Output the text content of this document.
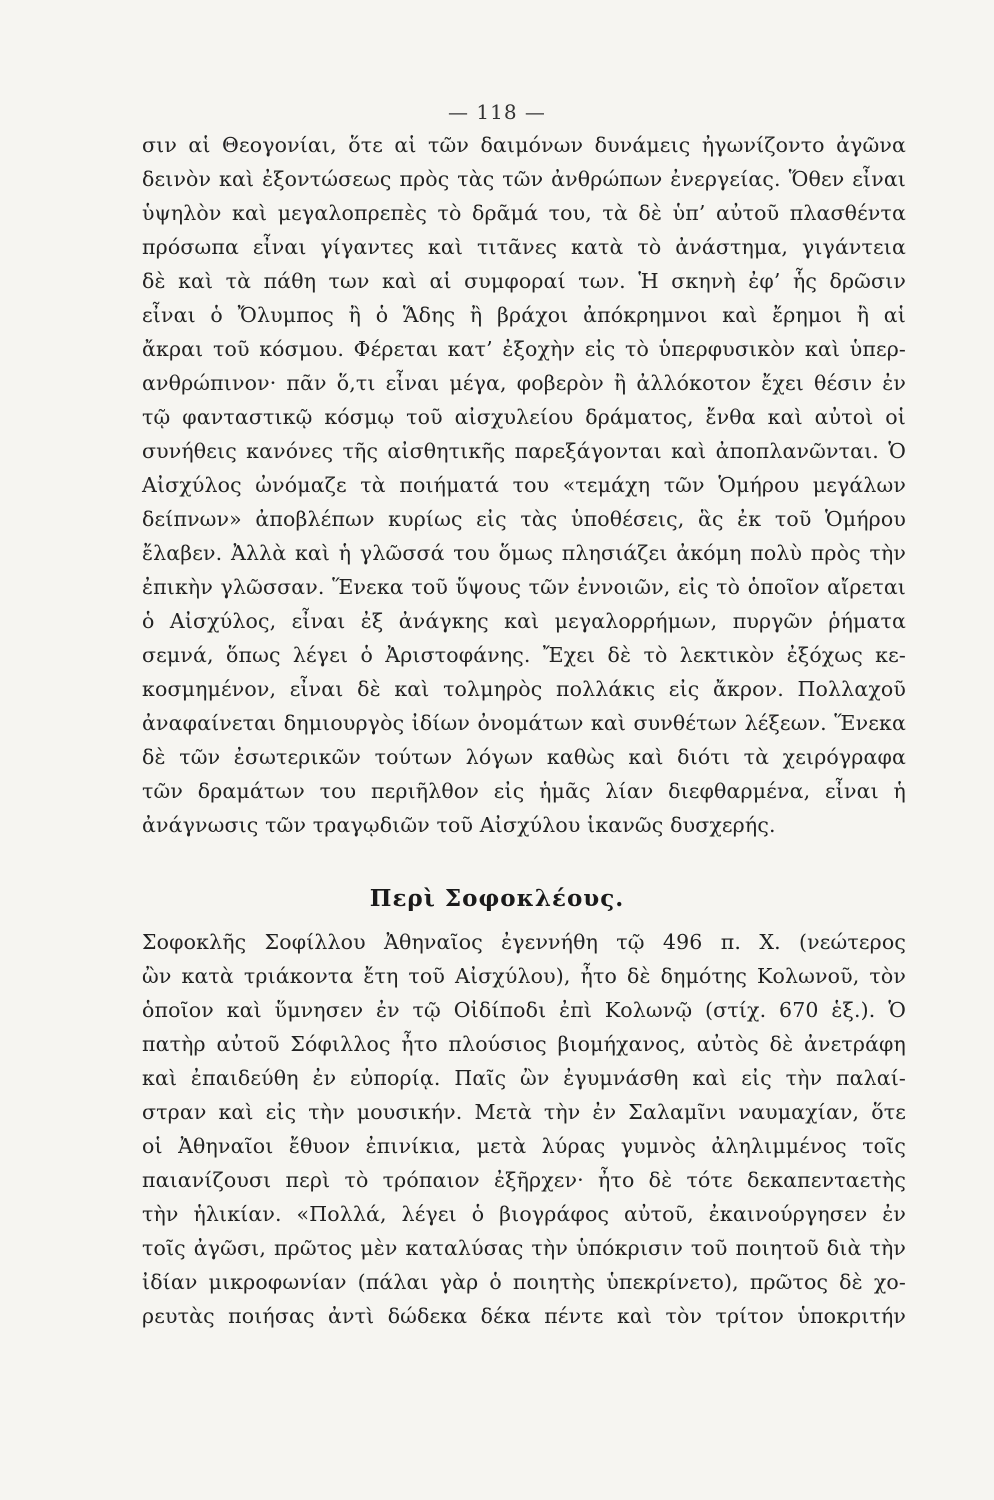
— 118 —
σιν αἱ Θεογονίαι, ὅτε αἱ τῶν δαιμόνων δυνάμεις ἠγωνίζοντο ἀγῶνα
δεινὸν καὶ ἐξοντώσεως πρὸς τὰς τῶν ἀνθρώπων ἐνεργείας. Ὅθεν εἶναι
ὑψηλὸν καὶ μεγαλοπρεπὲς τὸ δρᾶμά του, τὰ δὲ ὑπ’ αὐτοῦ πλασθέντα
πρόσωπα εἶναι γίγαντες καὶ τιτᾶνες κατὰ τὸ ἀνάστημα, γιγάντεια
δὲ καὶ τὰ πάθη των καὶ αἱ συμφοραί των. Ἡ σκηνὴ ἐφ’ ἧς δρῶσιν
εἶναι ὁ Ὄλυμπος ἢ ὁ Ἅδης ἢ βράχοι ἀπόκρημνοι καὶ ἔρημοι ἢ αἱ
ἄκραι τοῦ κόσμου. Φέρεται κατ’ ἐξοχὴν εἰς τὸ ὑπερφυσικὸν καὶ ὑπερ-
ανθρώπινον· πᾶν ὅ,τι εἶναι μέγα, φοβερὸν ἢ ἀλλόκοτον ἔχει θέσιν ἐν
τῷ φανταστικῷ κόσμῳ τοῦ αἰσχυλείου δράματος, ἔνθα καὶ αὐτοὶ οἱ
συνήθεις κανόνες τῆς αἰσθητικῆς παρεξάγονται καὶ ἀποπλανῶνται. Ὁ
Αἰσχύλος ὠνόμαζε τὰ ποιήματά του «τεμάχη τῶν Ὁμήρου μεγάλων
δείπνων» ἀποβλέπων κυρίως εἰς τὰς ὑποθέσεις, ἃς ἐκ τοῦ Ὁμήρου
ἔλαβεν. Ἀλλὰ καὶ ἡ γλῶσσά του ὅμως πλησιάζει ἀκόμη πολὺ πρὸς τὴν
ἐπικὴν γλῶσσαν. Ἕνεκα τοῦ ὕψους τῶν ἐννοιῶν, εἰς τὸ ὁποῖον αἴρεται
ὁ Αἰσχύλος, εἶναι ἐξ ἀνάγκης καὶ μεγαλορρήμων, πυργῶν ῥήματα
σεμνά, ὅπως λέγει ὁ Ἀριστοφάνης. Ἔχει δὲ τὸ λεκτικὸν ἐξόχως κε-
κοσμημένον, εἶναι δὲ καὶ τολμηρὸς πολλάκις εἰς ἄκρον. Πολλαχοῦ
ἀναφαίνεται δημιουργὸς ἰδίων ὀνομάτων καὶ συνθέτων λέξεων. Ἕνεκα
δὲ τῶν ἐσωτερικῶν τούτων λόγων καθὼς καὶ διότι τὰ χειρόγραφα
τῶν δραμάτων του περιῆλθον εἰς ἡμᾶς λίαν διεφθαρμένα, εἶναι ἡ
ἀνάγνωσις τῶν τραγῳδιῶν τοῦ Αἰσχύλου ἱκανῶς δυσχερής.
Περὶ Σοφοκλέους.
Σοφοκλῆς Σοφίλλου Ἀθηναῖος ἐγεννήθη τῷ 496 π. Χ. (νεώτερος
ὢν κατὰ τριάκοντα ἔτη τοῦ Αἰσχύλου), ἦτο δὲ δημότης Κολωνοῦ, τὸν
ὁποῖον καὶ ὕμνησεν ἐν τῷ Οἰδίποδι ἐπὶ Κολωνῷ (στίχ. 670 ἑξ.). Ὁ
πατὴρ αὐτοῦ Σόφιλλος ἦτο πλούσιος βιομήχανος, αὐτὸς δὲ ἀνετράφη
καὶ ἐπαιδεύθη ἐν εὐπορίᾳ. Παῖς ὢν ἐγυμνάσθη καὶ εἰς τὴν παλαί-
στραν καὶ εἰς τὴν μουσικήν. Μετὰ τὴν ἐν Σαλαμῖνι ναυμαχίαν, ὅτε
οἱ Ἀθηναῖοι ἔθυον ἐπινίκια, μετὰ λύρας γυμνὸς ἀληλιμμένος τοῖς
παιανίζουσι περὶ τὸ τρόπαιον ἐξῆρχεν· ἦτο δὲ τότε δεκαπενταετὴς
τὴν ἡλικίαν. «Πολλά, λέγει ὁ βιογράφος αὐτοῦ, ἐκαινούργησεν ἐν
τοῖς ἀγῶσι, πρῶτος μὲν καταλύσας τὴν ὑπόκρισιν τοῦ ποιητοῦ διὰ τὴν
ἰδίαν μικροφωνίαν (πάλαι γὰρ ὁ ποιητὴς ὑπεκρίνετο), πρῶτος δὲ χο-
ρευτὰς ποιήσας ἀντὶ δώδεκα δέκα πέντε καὶ τὸν τρίτον ὑποκριτήν
